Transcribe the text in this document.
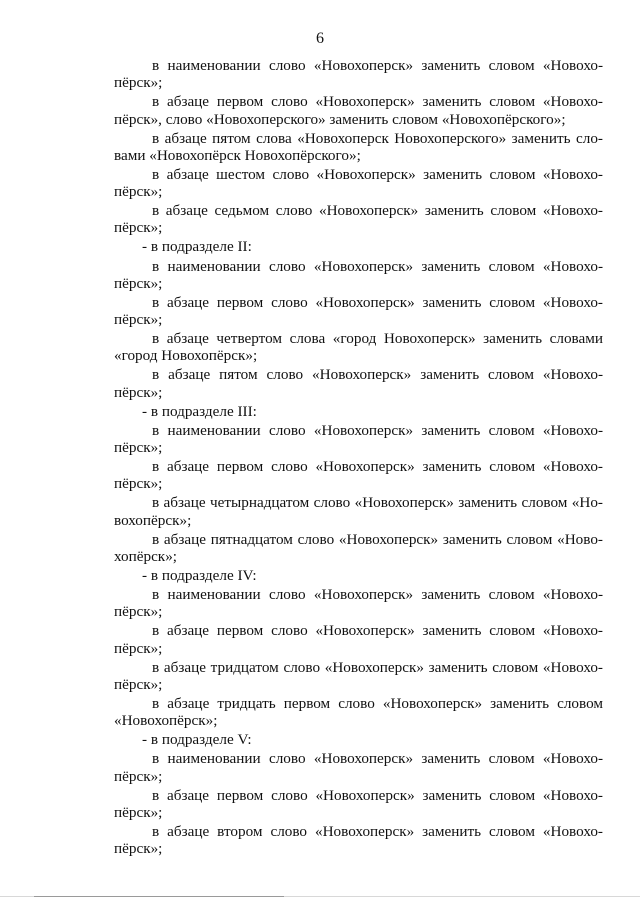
6
в наименовании слово «Новохоперск» заменить словом «Новохо-
пёрск»;
в абзаце первом слово «Новохоперск» заменить словом «Новохо-
пёрск», слово «Новохоперского» заменить словом «Новохопёрского»;
в абзаце пятом слова «Новохоперск Новохоперского» заменить сло-
вами «Новохопёрск Новохопёрского»;
в абзаце шестом слово «Новохоперск» заменить словом «Новохо-
пёрск»;
в абзаце седьмом слово «Новохоперск» заменить словом «Новохо-
пёрск»;
- в подразделе II:
в наименовании слово «Новохоперск» заменить словом «Новохо-
пёрск»;
в абзаце первом слово «Новохоперск» заменить словом «Новохо-
пёрск»;
в абзаце четвертом слова «город Новохоперск» заменить словами
«город Новохопёрск»;
в абзаце пятом слово «Новохоперск» заменить словом «Новохо-
пёрск»;
- в подразделе III:
в наименовании слово «Новохоперск» заменить словом «Новохо-
пёрск»;
в абзаце первом слово «Новохоперск» заменить словом «Новохо-
пёрск»;
в абзаце четырнадцатом слово «Новохоперск» заменить словом «Но-
вохопёрск»;
в абзаце пятнадцатом слово «Новохоперск» заменить словом «Ново-
хопёрск»;
- в подразделе IV:
в наименовании слово «Новохоперск» заменить словом «Новохо-
пёрск»;
в абзаце первом слово «Новохоперск» заменить словом «Новохо-
пёрск»;
в абзаце тридцатом слово «Новохоперск» заменить словом «Новохо-
пёрск»;
в абзаце тридцать первом слово «Новохоперск» заменить словом
«Новохопёрск»;
- в подразделе V:
в наименовании слово «Новохоперск» заменить словом «Новохо-
пёрск»;
в абзаце первом слово «Новохоперск» заменить словом «Новохо-
пёрск»;
в абзаце втором слово «Новохоперск» заменить словом «Новохо-
пёрск»;
